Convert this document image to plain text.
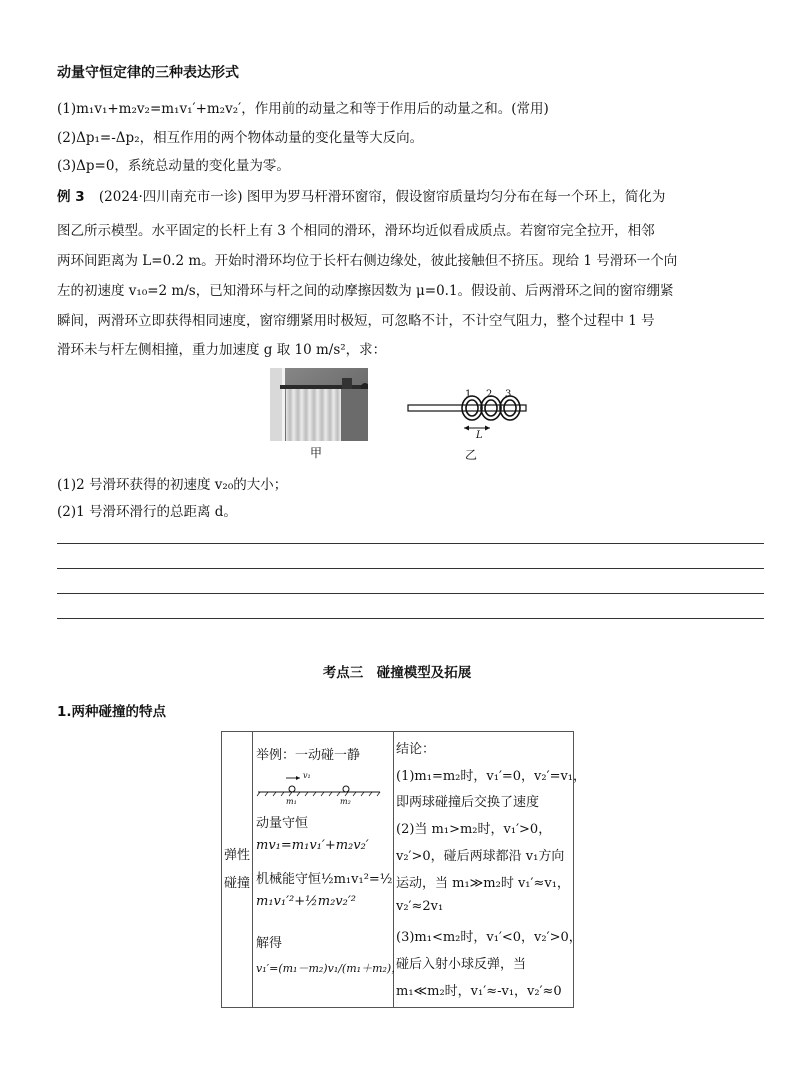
动量守恒定律的三种表达形式
(1)m₁v₁+m₂v₂=m₁v₁′+m₂v₂′，作用前的动量之和等于作用后的动量之和。(常用)
(2)Δp₁=-Δp₂，相互作用的两个物体动量的变化量等大反向。
(3)Δp=0，系统总动量的变化量为零。
例 3 (2024·四川南充市一诊) 图甲为罗马杆滑环窗帘，假设窗帘质量均匀分布在每一个环上，简化为
图乙所示模型。水平固定的长杆上有 3 个相同的滑环，滑环均近似看成质点。若窗帘完全拉开，相邻
两环间距离为 L=0.2 m。开始时滑环均位于长杆右侧边缘处，彼此接触但不挤压。现给 1 号滑环一个向
左的初速度 v₁₀=2 m/s，已知滑环与杆之间的动摩擦因数为 μ=0.1。假设前、后两滑环之间的窗帘绷紧
瞬间，两滑环立即获得相同速度，窗帘绷紧用时极短，可忽略不计，不计空气阻力，整个过程中 1 号
滑环未与杆左侧相撞，重力加速度 g 取 10 m/s²，求：
甲
1 2 3
L
乙
(1)2 号滑环获得的初速度 v₂₀的大小；
(2)1 号滑环滑行的总距离 d。
考点三　碰撞模型及拓展
1.两种碰撞的特点
弹性
碰撞
举例：一动碰一静
v₁
m₁	m₂
动量守恒
mv₁=m₁v₁′+m₂v₂′
机械能守恒½m₁v₁²=½
m₁v₁′²+½m₂v₂′²
解得
v₁′=(m₁－m₂)v₁/(m₁＋m₂)，
结论：
(1)m₁=m₂时，v₁′=0，v₂′=v₁，
即两球碰撞后交换了速度
(2)当 m₁>m₂时，v₁′>0，
v₂′>0，碰后两球都沿 v₁方向
运动，当 m₁≫m₂时 v₁′≈v₁，
v₂′≈2v₁
(3)m₁<m₂时，v₁′<0，v₂′>0，
碰后入射小球反弹，当
m₁≪m₂时，v₁′≈-v₁，v₂′≈0
